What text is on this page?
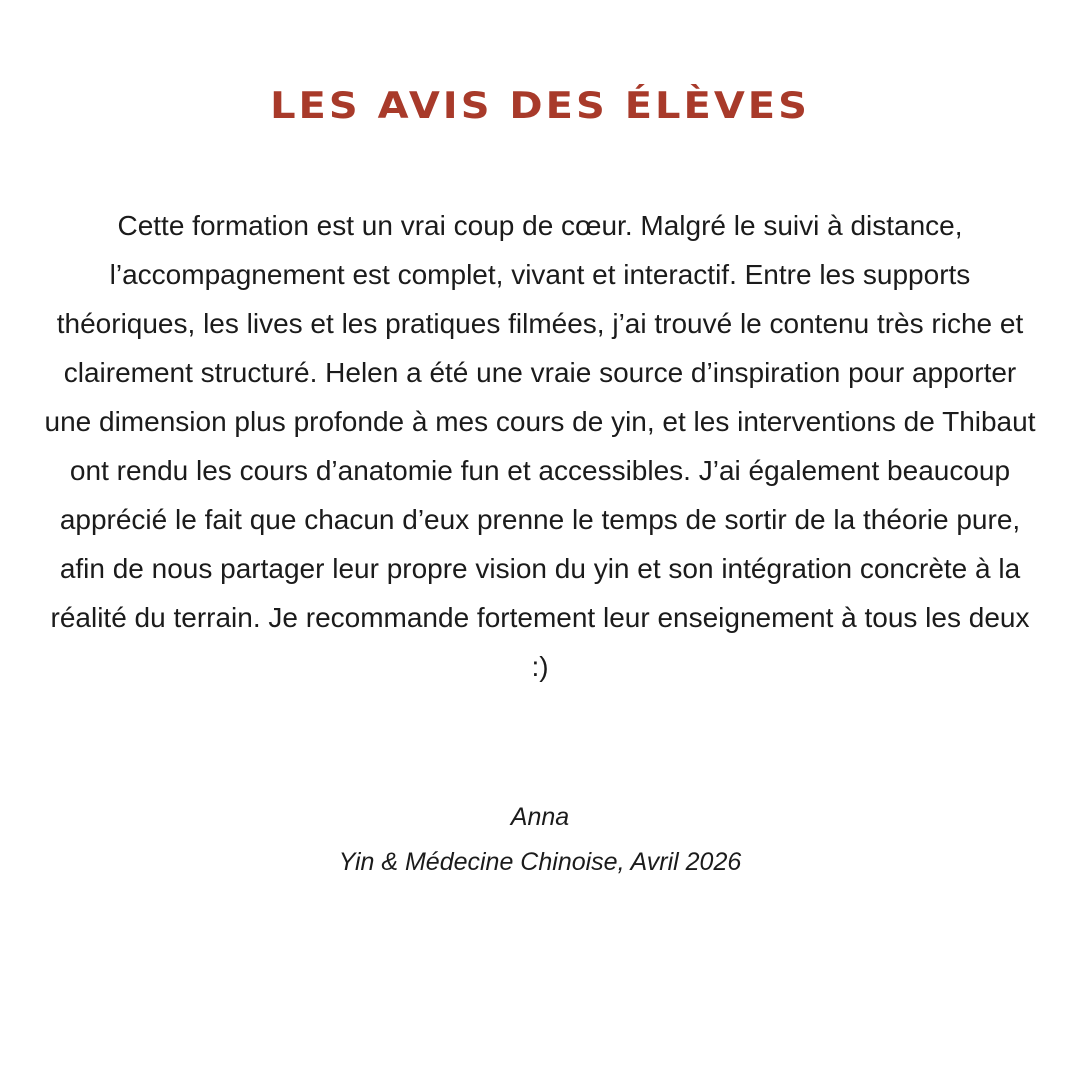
LES AVIS DES ÉLÈVES

Cette formation est un vrai coup de cœur. Malgré le suivi à distance, l’accompagnement est complet, vivant et interactif. Entre les supports théoriques, les lives et les pratiques filmées, j’ai trouvé le contenu très riche et clairement structuré. Helen a été une vraie source d’inspiration pour apporter une dimension plus profonde à mes cours de yin, et les interventions de Thibaut ont rendu les cours d’anatomie fun et accessibles. J’ai également beaucoup apprécié le fait que chacun d’eux prenne le temps de sortir de la théorie pure, afin de nous partager leur propre vision du yin et son intégration concrète à la réalité du terrain. Je recommande fortement leur enseignement à tous les deux :)

Anna
Yin & Médecine Chinoise, Avril 2026
